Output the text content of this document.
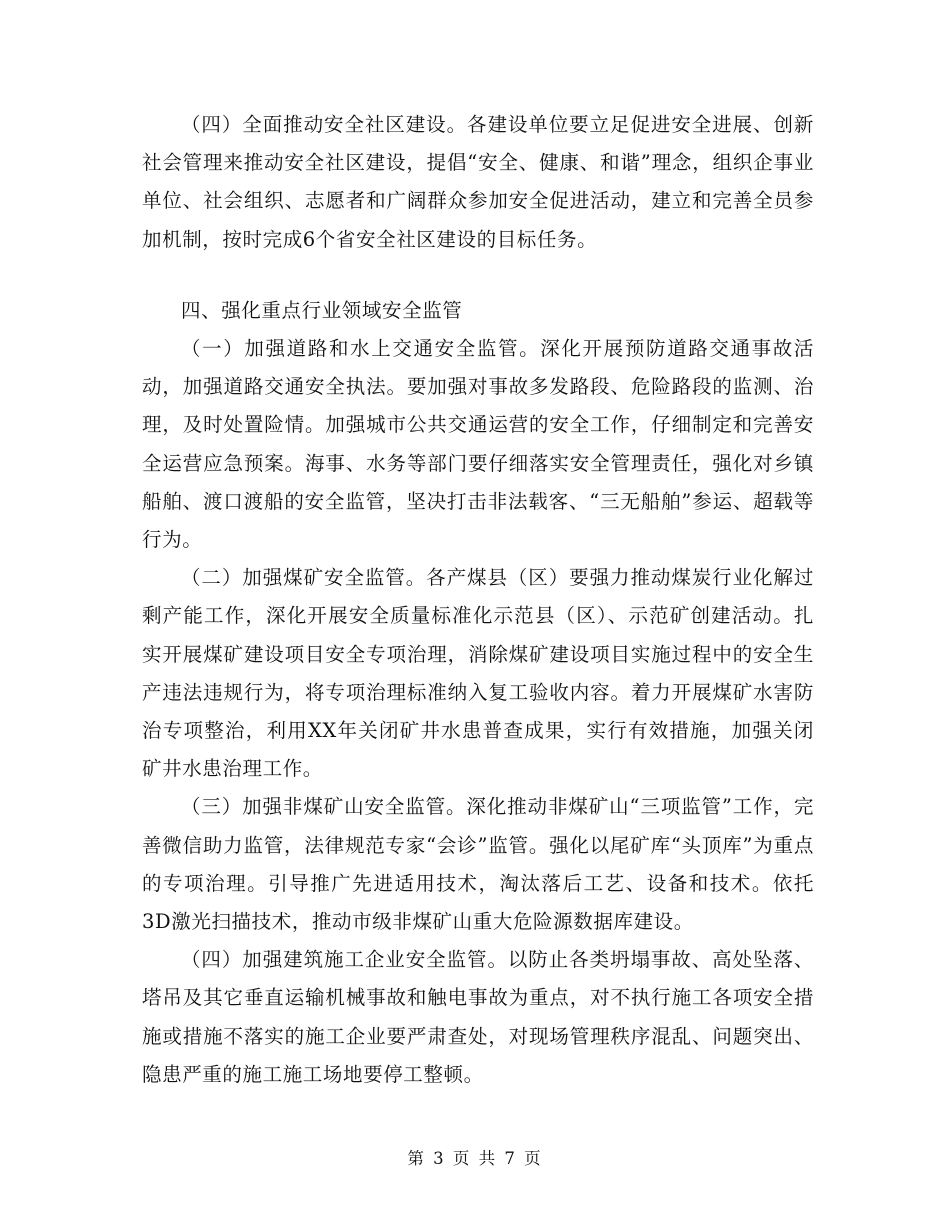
（四）全面推动安全社区建设。各建设单位要立足促进安全进展、创新社会管理来推动安全社区建设，提倡“安全、健康、和谐”理念，组织企事业单位、社会组织、志愿者和广阔群众参加安全促进活动，建立和完善全员参加机制，按时完成6个省安全社区建设的目标任务。

四、强化重点行业领域安全监管

（一）加强道路和水上交通安全监管。深化开展预防道路交通事故活动，加强道路交通安全执法。要加强对事故多发路段、危险路段的监测、治理，及时处置险情。加强城市公共交通运营的安全工作，仔细制定和完善安全运营应急预案。海事、水务等部门要仔细落实安全管理责任，强化对乡镇船舶、渡口渡船的安全监管，坚决打击非法载客、“三无船舶”参运、超载等行为。

（二）加强煤矿安全监管。各产煤县（区）要强力推动煤炭行业化解过剩产能工作，深化开展安全质量标准化示范县（区）、示范矿创建活动。扎实开展煤矿建设项目安全专项治理，消除煤矿建设项目实施过程中的安全生产违法违规行为，将专项治理标准纳入复工验收内容。着力开展煤矿水害防治专项整治，利用XX年关闭矿井水患普查成果，实行有效措施，加强关闭矿井水患治理工作。

（三）加强非煤矿山安全监管。深化推动非煤矿山“三项监管”工作，完善微信助力监管，法律规范专家“会诊”监管。强化以尾矿库“头顶库”为重点的专项治理。引导推广先进适用技术，淘汰落后工艺、设备和技术。依托3D激光扫描技术，推动市级非煤矿山重大危险源数据库建设。

（四）加强建筑施工企业安全监管。以防止各类坍塌事故、高处坠落、塔吊及其它垂直运输机械事故和触电事故为重点，对不执行施工各项安全措施或措施不落实的施工企业要严肃查处，对现场管理秩序混乱、问题突出、隐患严重的施工施工场地要停工整顿。

第 3 页 共 7 页
